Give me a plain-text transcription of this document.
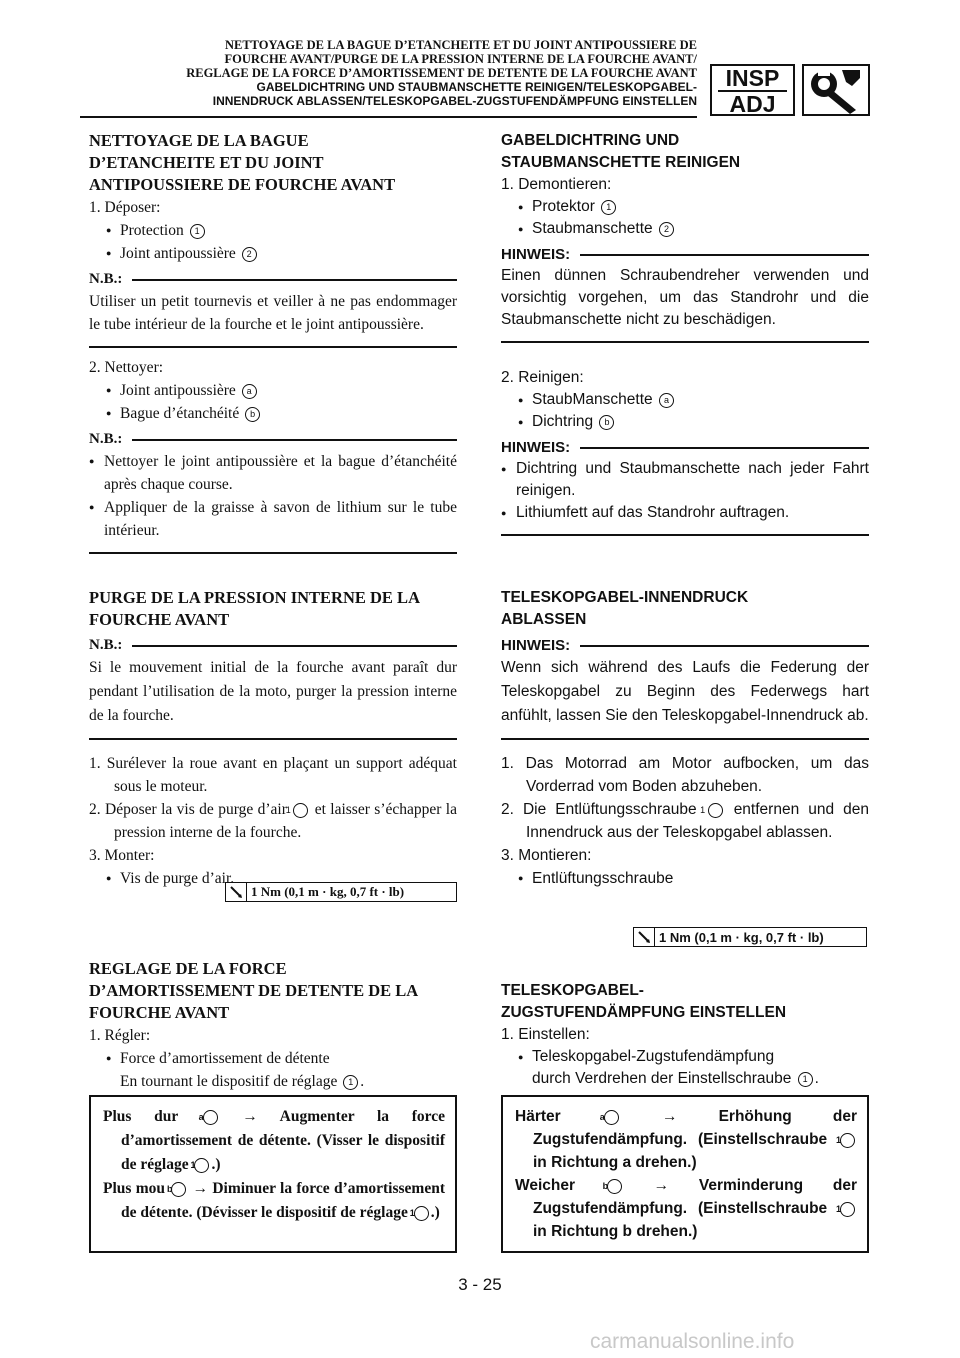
NETTOYAGE DE LA BAGUE D’ETANCHEITE ET DU JOINT ANTIPOUSSIERE DE
FOURCHE AVANT/PURGE DE LA PRESSION INTERNE DE LA FOURCHE AVANT/
REGLAGE DE LA FORCE D’AMORTISSEMENT DE DETENTE DE LA FOURCHE AVANT
GABELDICHTRING UND STAUBMANSCHETTE REINIGEN/TELESKOPGABEL-
INNENDRUCK ABLASSEN/TELESKOPGABEL-ZUGSTUFENDÄMPFUNG EINSTELLEN
INSP
ADJ

NETTOYAGE DE LA BAGUE

D’ETANCHEITE ET DU JOINT

ANTIPOUSSIERE DE FOURCHE AVANT

1. Déposer:

● Protection 1

● Joint antipoussière 2

N.B.:

Utiliser un petit tournevis et veiller à ne pas endommager le tube intérieur de la fourche et le joint antipoussière.

2. Nettoyer:

● Joint antipoussière a

● Bague d’étanchéité b

N.B.:

● Nettoyer le joint antipoussière et la bague d’étanchéité après chaque course.

● Appliquer de la graisse à savon de lithium sur le tube intérieur.

PURGE DE LA PRESSION INTERNE DE LA

FOURCHE AVANT

N.B.:

Si le mouvement initial de la fourche avant paraît dur pendant l’utilisation de la moto, purger la pression interne de la fourche.

1. Surélever la roue avant en plaçant un support adéquat sous le moteur.

2. Déposer la vis de purge d’air 1 et laisser s’échapper la pression interne de la fourche.

3. Monter:

● Vis de purge d’air.

1 Nm (0,1 m · kg, 0,7 ft · lb)

REGLAGE DE LA FORCE

D’AMORTISSEMENT DE DETENTE DE LA

FOURCHE AVANT

1. Régler:

● Force d’amortissement de détente

En tournant le dispositif de réglage 1 .

Plus dur a → Augmenter la force d’amortissement de détente. (Visser le dispositif de réglage 1 .)

Plus mou b → Diminuer la force d’amortissement de détente. (Dévisser le dispositif de réglage 1 .)

GABELDICHTRING UND

STAUBMANSCHETTE REINIGEN

1. Demontieren:

● Protektor 1

● Staubmanschette 2

HINWEIS:

Einen dünnen Schraubendreher verwenden und vorsichtig vorgehen, um das Standrohr und die Staubmanschette nicht zu beschädigen.

2. Reinigen:

● StaubManschette a

● Dichtring b

HINWEIS:

● Dichtring und Staubmanschette nach jeder Fahrt reinigen.

● Lithiumfett auf das Standrohr auftragen.

TELESKOPGABEL-INNENDRUCK

ABLASSEN

HINWEIS:

Wenn sich während des Laufs die Federung der Teleskopgabel zu Beginn des Federwegs hart anfühlt, lassen Sie den Teleskopgabel-Innendruck ab.

1. Das Motorrad am Motor aufbocken, um das Vorderrad vom Boden abzuheben.

2. Die Entlüftungsschraube 1 entfernen und den Innendruck aus der Teleskopgabel ablassen.

3. Montieren:

● Entlüftungsschraube

1 Nm (0,1 m · kg, 0,7 ft · lb)

TELESKOPGABEL-

ZUGSTUFENDÄMPFUNG EINSTELLEN

1. Einstellen:

● Teleskopgabel-Zugstufendämpfung

durch Verdrehen der Einstellschraube 1 .

Härter	a	→ Erhöhung der Zugstufendämpfung. (Einstellschraube 1 in Richtung a drehen.)

Weicher	b	→ Verminderung der Zugstufendämpfung. (Einstellschraube 1 in Richtung b drehen.)

3 - 25
carmanualsonline.info
